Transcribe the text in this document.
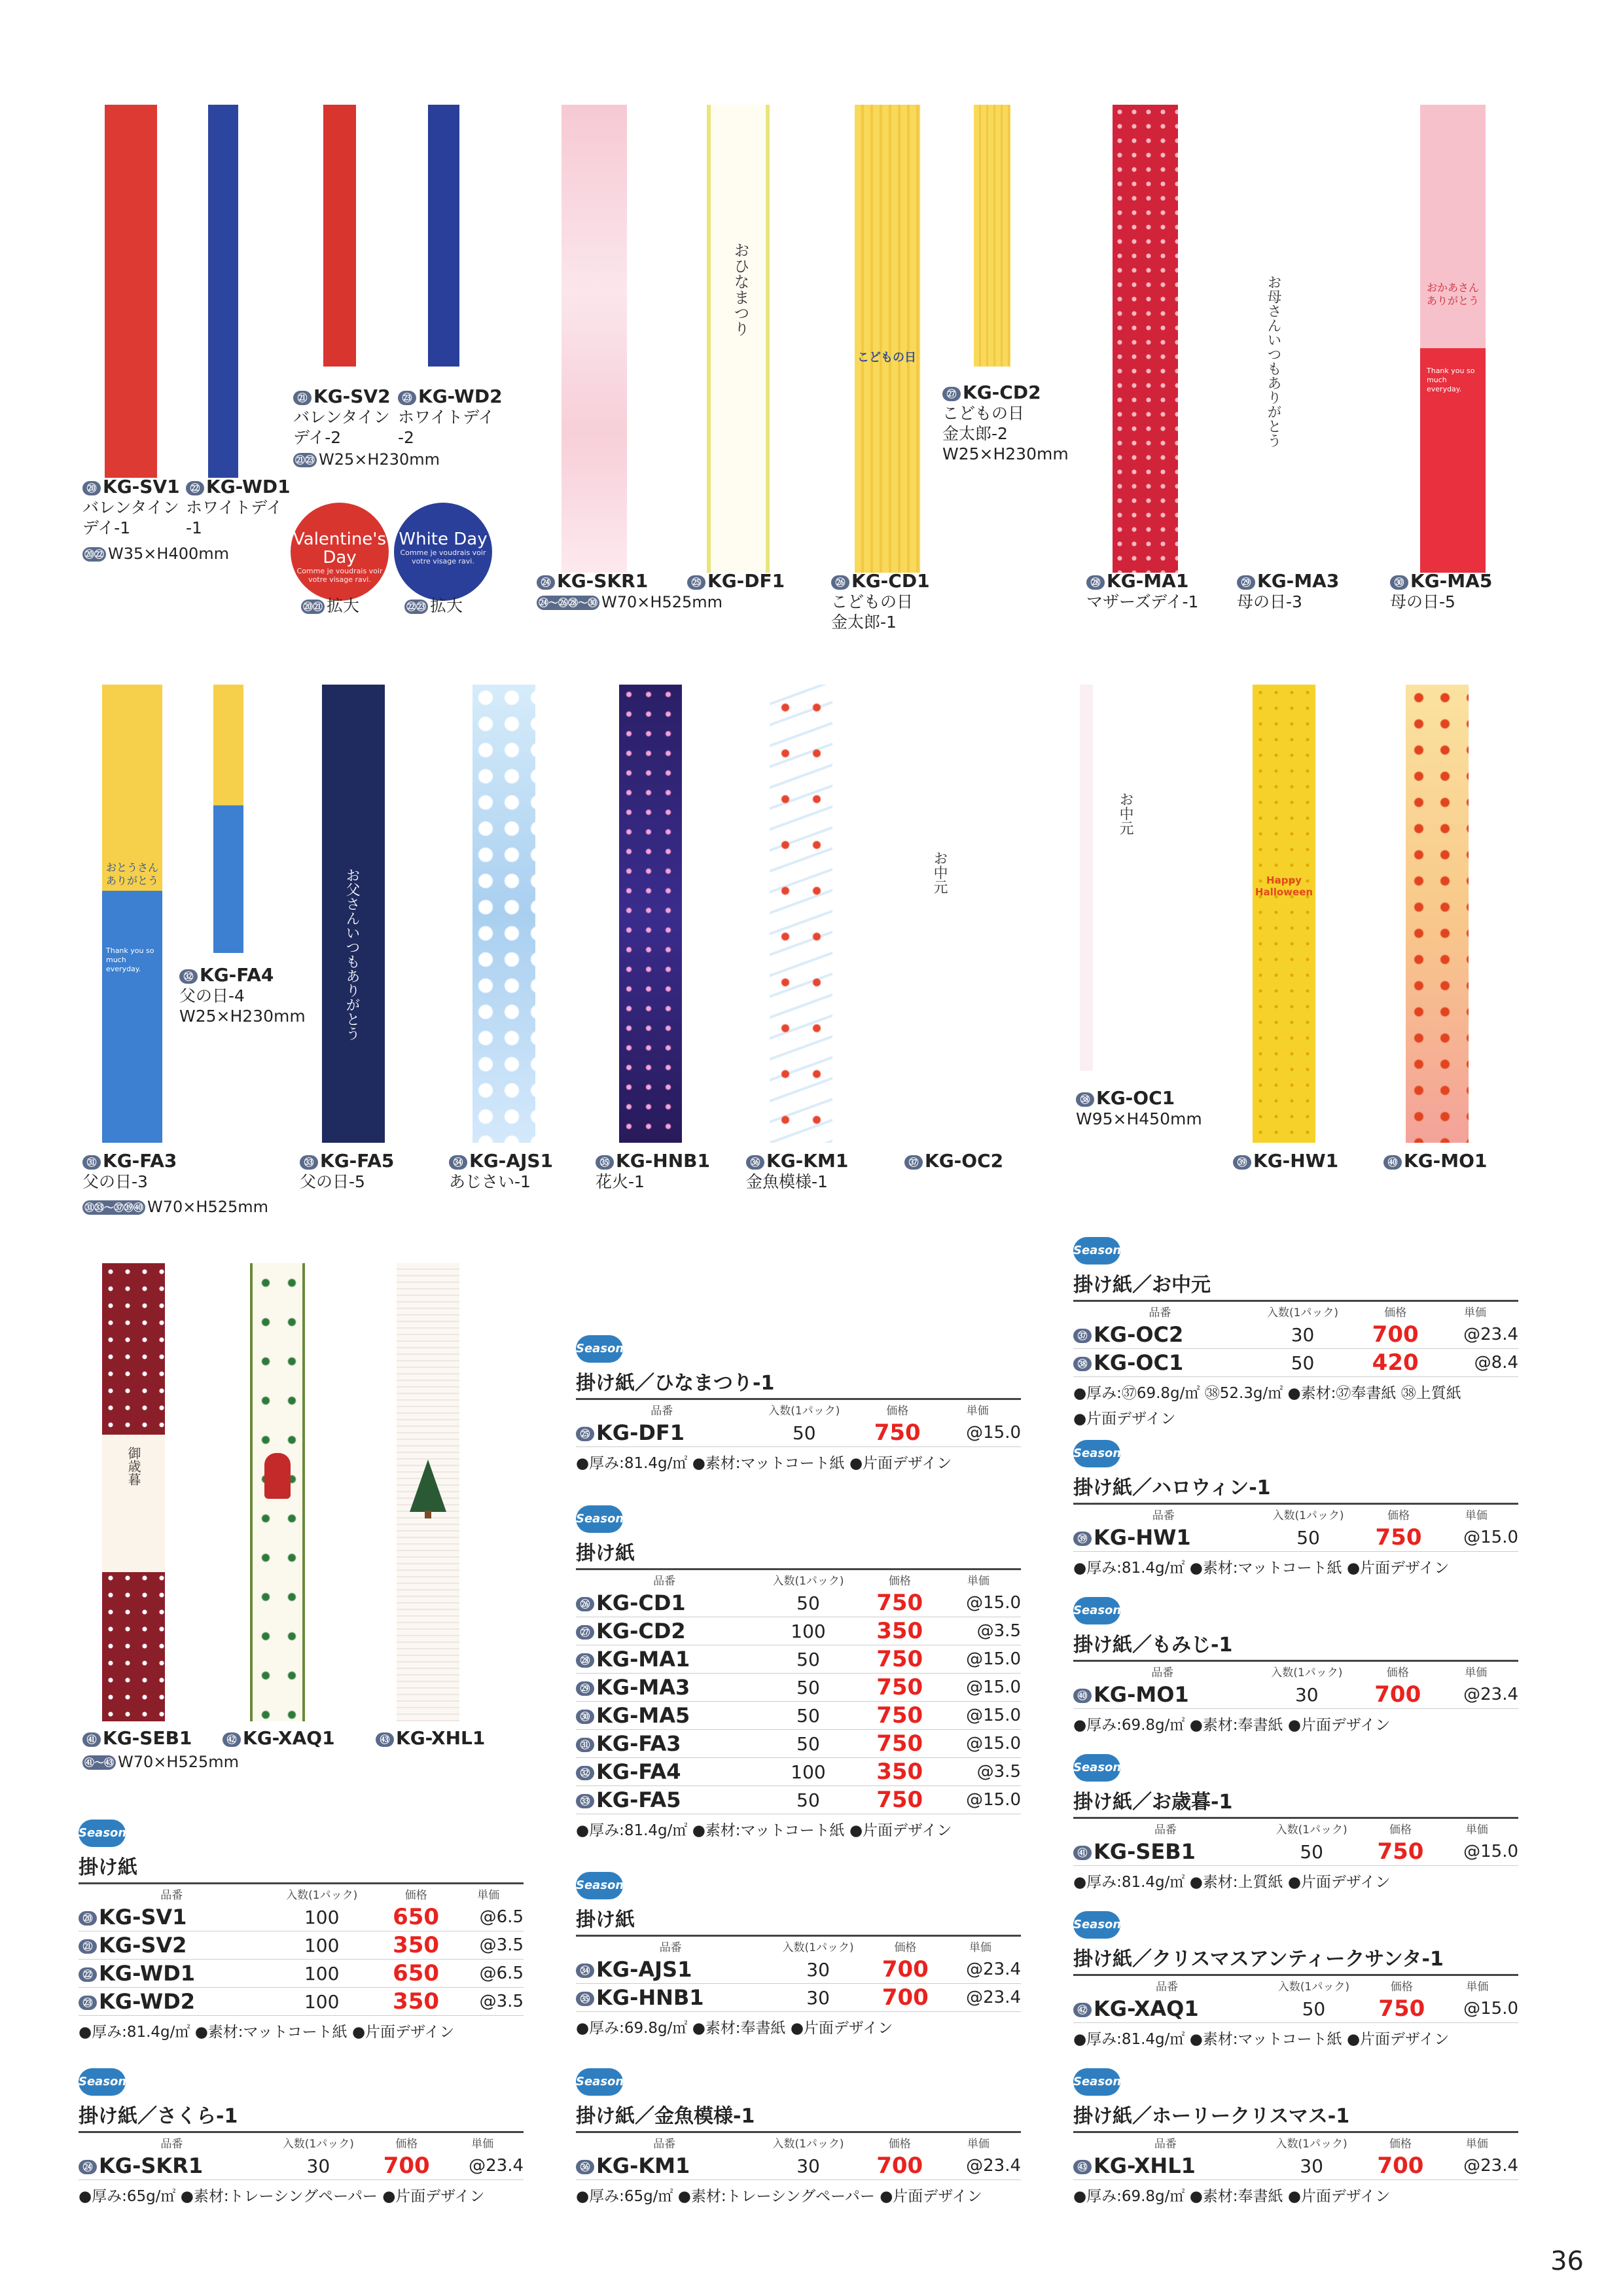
おひなまつり
こどもの日	お母さんいつもありがとう	おかあさんありがとう
Thank you so much everyday.
⑳ KG-SV1
バレンタイン
デイ-1
㉒ KG-WD1
ホワイトデイ
-1
⑳㉒ W35×H400mm
㉑ KG-SV2
バレンタイン
デイ-2
㉓ KG-WD2
ホワイトデイ
-2
㉑㉓ W25×H230mm
Valentine's Day
Comme je voudrais voir votre visage ravi.
White Day
Comme je voudrais voir votre visage ravi.
⑳㉑ 拡大	㉒㉓ 拡大
㉔ KG-SKR1	㉕ KG-DF1
㉔〜㉖㉘〜㉚ W70×H525mm
㉖ KG-CD1
こどもの日
金太郎-1
㉗ KG-CD2
こどもの日
金太郎-2
W25×H230mm
㉘ KG-MA1
マザーズデイ-1
㉙ KG-MA3
母の日-3
㉚ KG-MA5
母の日-5
おとうさんありがとう
Thank you so much everyday.	お父さんいつもありがとう	お中元
お中元
Happy Halloween
㉛ KG-FA3
父の日-3
㉜ KG-FA4
父の日-4
W25×H230mm
㉝ KG-FA5
父の日-5
㉞ KG-AJS1
あじさい-1
㉟ KG-HNB1
花火-1
㊱ KG-KM1
金魚模様-1
㊲ KG-OC2
㊳ KG-OC1
W95×H450mm
㊴ KG-HW1	㊵ KG-MO1
㉛㉝〜㊲㊴㊵ W70×H525mm
御歳暮
㊶ KG-SEB1	㊷ KG-XAQ1	㊸ KG-XHL1
㊶〜㊸ W70×H525mm
Season
掛け紙
品番	入数(1パック)	価格	単価
⑳ KG-SV1	100	650	@6.5
㉑ KG-SV2	100	350	@3.5
㉒ KG-WD1	100	650	@6.5
㉓ KG-WD2	100	350	@3.5
●厚み:81.4g/㎡ ●素材:マットコート紙 ●片面デザイン
Season
掛け紙／さくら-1
品番	入数(1パック)	価格	単価
㉔ KG-SKR1	30	700	@23.4
●厚み:65g/㎡ ●素材:トレーシングペーパー ●片面デザイン
Season
掛け紙／ひなまつり-1
品番	入数(1パック)	価格	単価
㉕ KG-DF1	50	750	@15.0
●厚み:81.4g/㎡ ●素材:マットコート紙 ●片面デザイン
Season
掛け紙
品番	入数(1パック)	価格	単価
㉖ KG-CD1	50	750	@15.0
㉗ KG-CD2	100	350	@3.5
㉘ KG-MA1	50	750	@15.0
㉙ KG-MA3	50	750	@15.0
㉚ KG-MA5	50	750	@15.0
㉛ KG-FA3	50	750	@15.0
㉜ KG-FA4	100	350	@3.5
㉝ KG-FA5	50	750	@15.0
●厚み:81.4g/㎡ ●素材:マットコート紙 ●片面デザイン
Season
掛け紙
品番	入数(1パック)	価格	単価
㉞ KG-AJS1	30	700	@23.4
㉟ KG-HNB1	30	700	@23.4
●厚み:69.8g/㎡ ●素材:奉書紙 ●片面デザイン
Season
掛け紙／金魚模様-1
品番	入数(1パック)	価格	単価
㊱ KG-KM1	30	700	@23.4
●厚み:65g/㎡ ●素材:トレーシングペーパー ●片面デザイン
Season
掛け紙／お中元
品番	入数(1パック)	価格	単価
㊲ KG-OC2	30	700	@23.4
㊳ KG-OC1	50	420	@8.4
●厚み:㊲69.8g/㎡ ㊳52.3g/㎡ ●素材:㊲奉書紙 ㊳上質紙
●片面デザイン
Season
掛け紙／ハロウィン-1
品番	入数(1パック)	価格	単価
㊴ KG-HW1	50	750	@15.0
●厚み:81.4g/㎡ ●素材:マットコート紙 ●片面デザイン
Season
掛け紙／もみじ-1
品番	入数(1パック)	価格	単価
㊵ KG-MO1	30	700	@23.4
●厚み:69.8g/㎡ ●素材:奉書紙 ●片面デザイン
Season
掛け紙／お歳暮-1
品番	入数(1パック)	価格	単価
㊶ KG-SEB1	50	750	@15.0
●厚み:81.4g/㎡ ●素材:上質紙 ●片面デザイン
Season
掛け紙／クリスマスアンティークサンタ-1
品番	入数(1パック)	価格	単価
㊷ KG-XAQ1	50	750	@15.0
●厚み:81.4g/㎡ ●素材:マットコート紙 ●片面デザイン
Season
掛け紙／ホーリークリスマス-1
品番	入数(1パック)	価格	単価
㊸ KG-XHL1	30	700	@23.4
●厚み:69.8g/㎡ ●素材:奉書紙 ●片面デザイン
36
